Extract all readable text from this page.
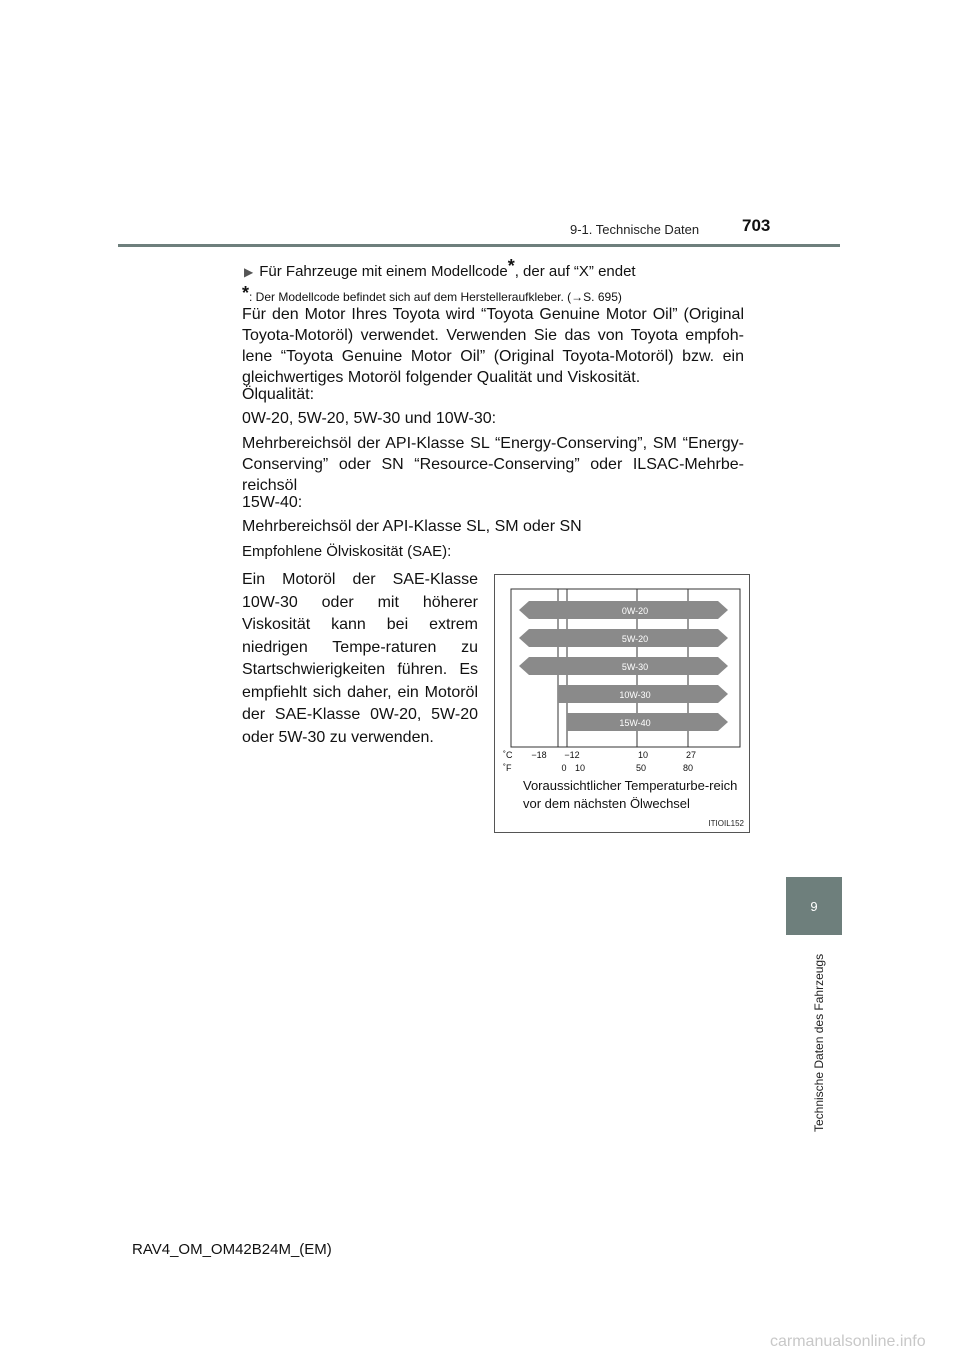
9-1. Technische Daten	703
9
Technische Daten des Fahrzeugs
▶ Für Fahrzeuge mit einem Modellcode*, der auf “X” endet
*: Der Modellcode befindet sich auf dem Herstelleraufkleber. (→S. 695)
Für den Motor Ihres Toyota wird “Toyota Genuine Motor Oil” (Original Toyota-Motoröl) verwendet. Verwenden Sie das von Toyota empfoh-lene “Toyota Genuine Motor Oil” (Original Toyota-Motoröl) bzw. ein gleichwertiges Motoröl folgender Qualität und Viskosität.
Ölqualität:
0W-20, 5W-20, 5W-30 und 10W-30:
Mehrbereichsöl der API-Klasse SL “Energy-Conserving”, SM “Energy-Conserving” oder SN “Resource-Conserving” oder ILSAC-Mehrbe-reichsöl
15W-40:
Mehrbereichsöl der API-Klasse SL, SM oder SN
Empfohlene Ölviskosität (SAE):
Ein Motoröl der SAE-Klasse 10W-30 oder mit höherer Viskosität kann bei extrem niedrigen Tempe-raturen zu Startschwierigkeiten führen. Es empfiehlt sich daher, ein Motoröl der SAE-Klasse 0W-20, 5W-20 oder 5W-30 zu verwenden.
0W-20
5W-20
5W-30
10W-30
15W-40
˚C
˚F
−18 −12	10	27
0 10	50	80
Voraussichtlicher Temperaturbe-reich vor dem nächsten Ölwechsel
ITIOIL152
RAV4_OM_OM42B24M_(EM)
carmanualsonline.info
